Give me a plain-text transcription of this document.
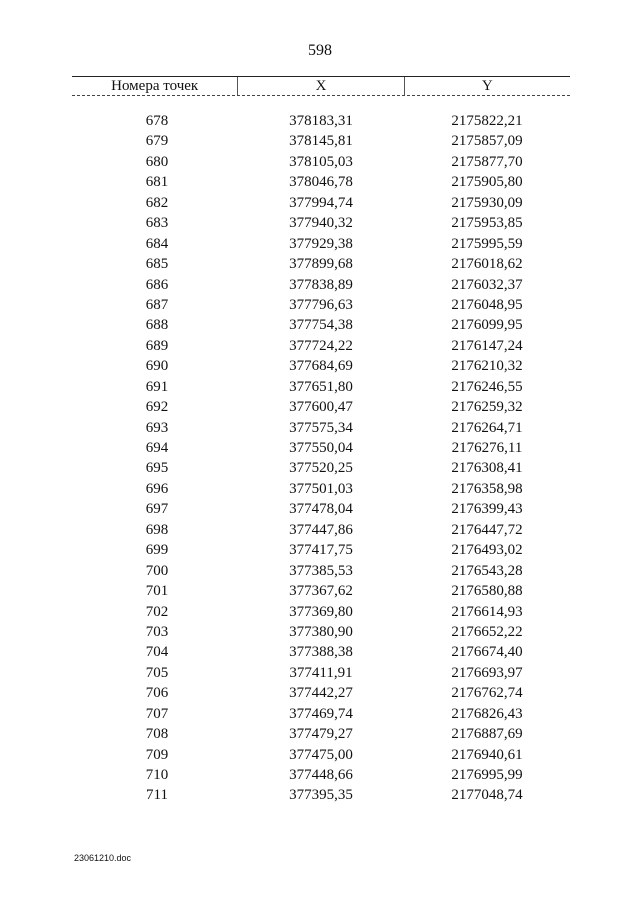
598
Номера точек	X	Y
678	378183,31	2175822,21
679	378145,81	2175857,09
680	378105,03	2175877,70
681	378046,78	2175905,80
682	377994,74	2175930,09
683	377940,32	2175953,85
684	377929,38	2175995,59
685	377899,68	2176018,62
686	377838,89	2176032,37
687	377796,63	2176048,95
688	377754,38	2176099,95
689	377724,22	2176147,24
690	377684,69	2176210,32
691	377651,80	2176246,55
692	377600,47	2176259,32
693	377575,34	2176264,71
694	377550,04	2176276,11
695	377520,25	2176308,41
696	377501,03	2176358,98
697	377478,04	2176399,43
698	377447,86	2176447,72
699	377417,75	2176493,02
700	377385,53	2176543,28
701	377367,62	2176580,88
702	377369,80	2176614,93
703	377380,90	2176652,22
704	377388,38	2176674,40
705	377411,91	2176693,97
706	377442,27	2176762,74
707	377469,74	2176826,43
708	377479,27	2176887,69
709	377475,00	2176940,61
710	377448,66	2176995,99
711	377395,35	2177048,74
23061210.doc
